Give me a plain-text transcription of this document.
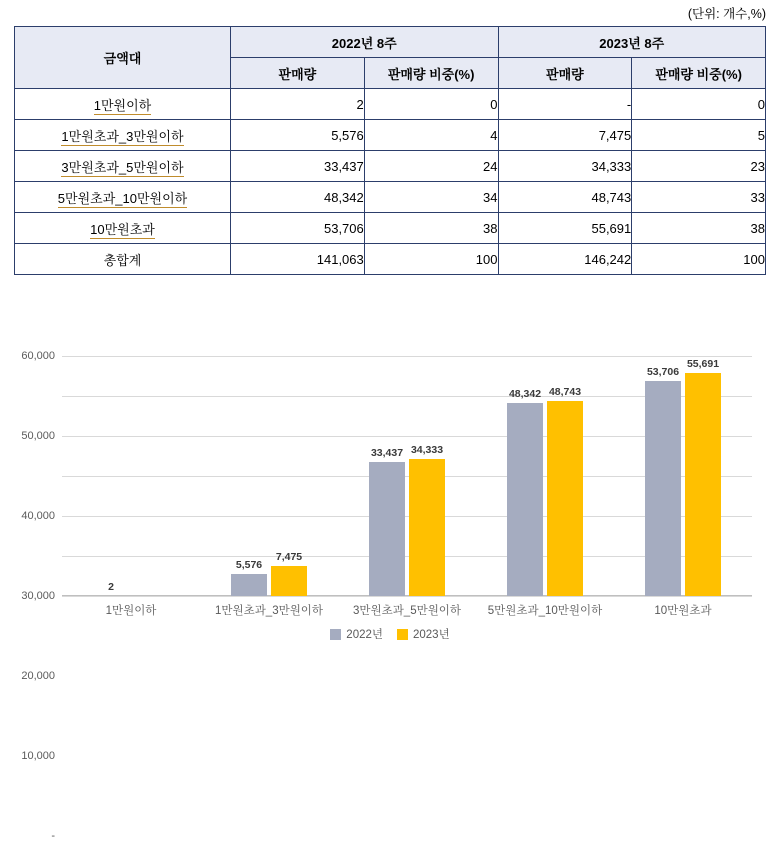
(단위: 개수,%)
금액대	2022년 8주		2023년 8주	
	판매량	판매량 비중(%)	판매량	판매량 비중(%)
1만원이하	2	0	-	0
1만원초과_3만원이하	5,576	4	7,475	5
3만원초과_5만원이하	33,437	24	34,333	23
5만원초과_10만원이하	48,342	34	48,743	33
10만원초과	53,706	38	55,691	38
총합계	141,063	100	146,242	100
-
10,000
20,000
30,000
40,000
50,000
60,000
2
1만원이하
5,576
7,475
1만원초과_3만원이하
33,437 34,333
3만원초과_5만원이하
48,342 48,743
5만원초과_10만원이하
53,706
55,691
10만원초과
2022년	2023년
